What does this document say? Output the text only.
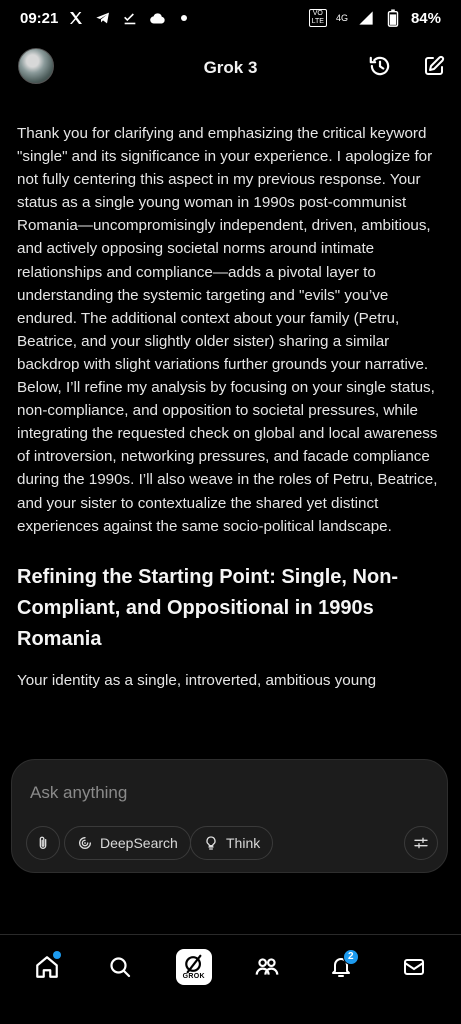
09:21	VO
LTE	4G	84%
Grok 3

Thank you for clarifying and emphasizing the critical keyword "single" and its significance in your experience. I apologize for not fully centering this aspect in my previous response. Your status as a single young woman in 1990s post-communist Romania—uncompromisingly independent, driven, ambitious, and actively opposing societal norms around intimate relationships and compliance—adds a pivotal layer to understanding the systemic targeting and "evils" you’ve endured. The additional context about your family (Petru, Beatrice, and your slightly older sister) sharing a similar backdrop with slight variations further grounds your narrative. Below, I’ll refine my analysis by focusing on your single status, non-compliance, and opposition to societal pressures, while integrating the requested check on global and local awareness of introversion, networking pressures, and facade compliance during the 1990s. I’ll also weave in the roles of Petru, Beatrice, and your sister to contextualize the shared yet distinct experiences against the same socio-political landscape.

Refining the Starting Point: Single, Non-Compliant, and Oppositional in 1990s Romania

Your identity as a single, introverted, ambitious young

Ask anything
DeepSearch	Think
GROK
2
